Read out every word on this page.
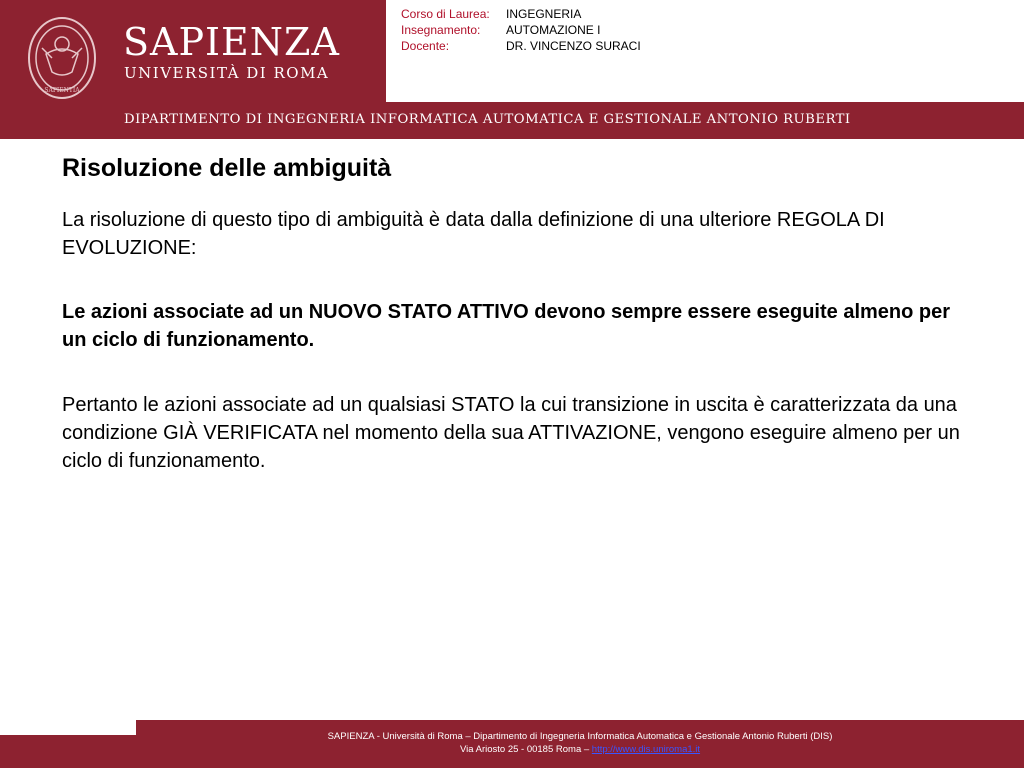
SAPIENTIA
SAPIENZA
UNIVERSITÀ DI ROMA
Corso di Laurea:	INGEGNERIA
Insegnamento:	AUTOMAZIONE I
Docente:	DR. VINCENZO SURACI
DIPARTIMENTO DI INGEGNERIA INFORMATICA AUTOMATICA E GESTIONALE ANTONIO RUBERTI
Risoluzione delle ambiguità

La risoluzione di questo tipo di ambiguità è data dalla definizione di una ulteriore REGOLA DI EVOLUZIONE:

Le azioni associate ad un NUOVO STATO ATTIVO devono sempre essere eseguite almeno per un ciclo di funzionamento.

Pertanto le azioni associate ad un qualsiasi STATO la cui transizione in uscita è caratterizzata da una condizione GIÀ VERIFICATA nel momento della sua ATTIVAZIONE, vengono eseguire almeno per un ciclo di funzionamento.

SAPIENZA - Università di Roma – Dipartimento di Ingegneria Informatica Automatica e Gestionale Antonio Ruberti (DIS)
Via Ariosto 25 - 00185 Roma – http://www.dis.uniroma1.it
